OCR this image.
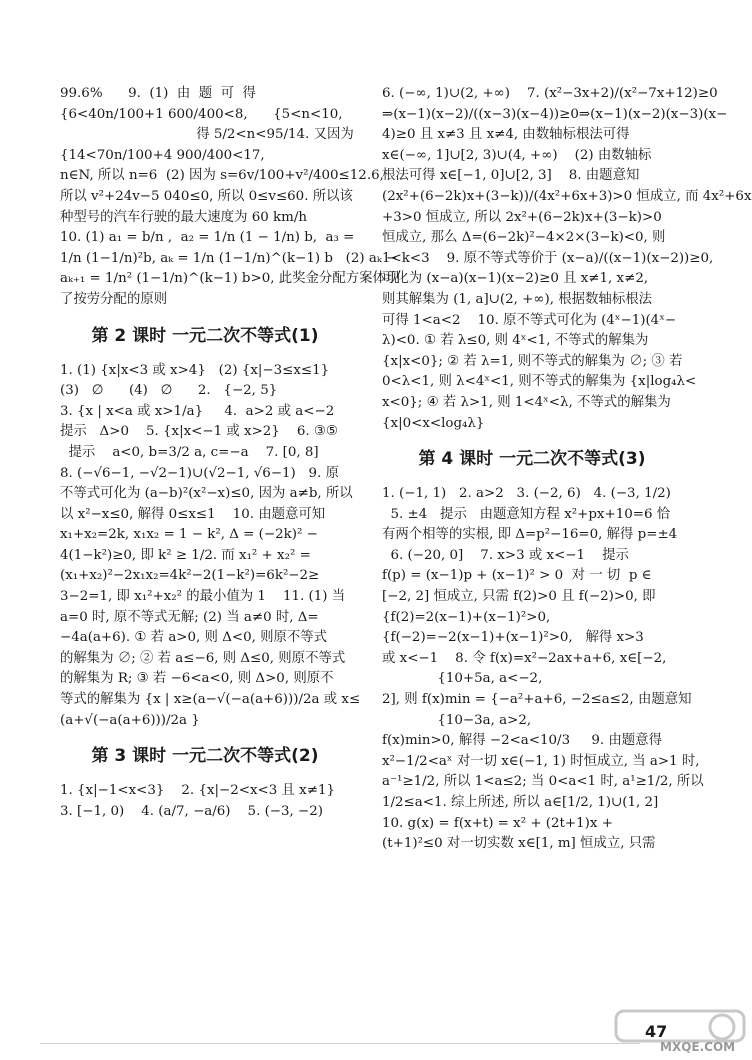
99.6%      9.  (1)  由  题  可  得
{6<40n/100+1 600/400<8,      {5<n<10,
得 5/2<n<95/14. 又因为
{14<70n/100+4 900/400<17,
n∈N, 所以 n=6  (2) 因为 s=6v/100+v²/400≤12.6,
所以 v²+24v−5 040≤0, 所以 0≤v≤60. 所以该
种型号的汽车行驶的最大速度为 60 km/h
10. (1) a₁ = b/n ,  a₂ = 1/n (1 − 1/n) b,  a₃ =
1/n (1−1/n)²b, aₖ = 1/n (1−1/n)^(k−1) b   (2) aₖ −
aₖ₊₁ = 1/n² (1−1/n)^(k−1) b>0, 此奖金分配方案体现
了按劳分配的原则
第 2 课时 一元二次不等式(1)
1. (1) {x|x<3 或 x>4}   (2) {x|−3≤x≤1}
(3)   ∅      (4)   ∅      2.   {−2, 5}
3. {x | x<a 或 x>1/a}     4.  a>2 或 a<−2
提示   Δ>0    5. {x|x<−1 或 x>2}    6. ③⑤
提示    a<0, b=3/2 a, c=−a    7. [0, 8]
8. (−√6−1, −√2−1)∪(√2−1, √6−1)   9. 原
不等式可化为 (a−b)²(x²−x)≤0, 因为 a≠b, 所以
以 x²−x≤0, 解得 0≤x≤1    10. 由题意可知
x₁+x₂=2k, x₁x₂ = 1 − k², Δ = (−2k)² −
4(1−k²)≥0, 即 k² ≥ 1/2. 而 x₁² + x₂² =
(x₁+x₂)²−2x₁x₂=4k²−2(1−k²)=6k²−2≥
3−2=1, 即 x₁²+x₂² 的最小值为 1    11. (1) 当
a=0 时, 原不等式无解; (2) 当 a≠0 时, Δ=
−4a(a+6). ① 若 a>0, 则 Δ<0, 则原不等式
的解集为 ∅; ② 若 a≤−6, 则 Δ≤0, 则原不等式
的解集为 R; ③ 若 −6<a<0, 则 Δ>0, 则原不
等式的解集为 {x | x≥(a−√(−a(a+6)))/2a 或 x≤
(a+√(−a(a+6)))/2a }
第 3 课时 一元二次不等式(2)
1. {x|−1<x<3}    2. {x|−2<x<3 且 x≠1}
3. [−1, 0)    4. (a/7, −a/6)    5. (−3, −2)
6. (−∞, 1)∪(2, +∞)    7. (x²−3x+2)/(x²−7x+12)≥0
⇒(x−1)(x−2)/((x−3)(x−4))≥0⇒(x−1)(x−2)(x−3)(x−
4)≥0 且 x≠3 且 x≠4, 由数轴标根法可得
x∈(−∞, 1]∪[2, 3)∪(4, +∞)    (2) 由数轴标
根法可得 x∈[−1, 0]∪[2, 3]    8. 由题意知
(2x²+(6−2k)x+(3−k))/(4x²+6x+3)>0 恒成立, 而 4x²+6x
+3>0 恒成立, 所以 2x²+(6−2k)x+(3−k)>0
恒成立, 那么 Δ=(6−2k)²−4×2×(3−k)<0, 则
1<k<3    9. 原不等式等价于 (x−a)/((x−1)(x−2))≥0,
可化为 (x−a)(x−1)(x−2)≥0 且 x≠1, x≠2,
则其解集为 (1, a]∪(2, +∞), 根据数轴标根法
可得 1<a<2    10. 原不等式可化为 (4ˣ−1)(4ˣ−
λ)<0. ① 若 λ≤0, 则 4ˣ<1, 不等式的解集为
{x|x<0}; ② 若 λ=1, 则不等式的解集为 ∅; ③ 若
0<λ<1, 则 λ<4ˣ<1, 则不等式的解集为 {x|log₄λ<
x<0}; ④ 若 λ>1, 则 1<4ˣ<λ, 不等式的解集为
{x|0<x<log₄λ}
第 4 课时 一元二次不等式(3)
1. (−1, 1)   2. a>2   3. (−2, 6)   4. (−3, 1/2)
5. ±4   提示   由题意知方程 x²+px+10=6 恰
有两个相等的实根, 即 Δ=p²−16=0, 解得 p=±4
6. (−20, 0]    7. x>3 或 x<−1    提示
f(p) = (x−1)p + (x−1)² > 0  对 一 切  p ∈
[−2, 2] 恒成立, 只需 f(2)>0 且 f(−2)>0, 即
{f(2)=2(x−1)+(x−1)²>0,
{f(−2)=−2(x−1)+(x−1)²>0,   解得 x>3
或 x<−1    8. 令 f(x)=x²−2ax+a+6, x∈[−2,
{10+5a, a<−2,
2], 则 f(x)min = {−a²+a+6, −2≤a≤2, 由题意知
{10−3a, a>2,
f(x)min>0, 解得 −2<a<10/3     9. 由题意得
x²−1/2<aˣ 对一切 x∈(−1, 1) 时恒成立, 当 a>1 时,
a⁻¹≥1/2, 所以 1<a≤2; 当 0<a<1 时, a¹≥1/2, 所以
1/2≤a<1. 综上所述, 所以 a∈[1/2, 1)∪(1, 2]
10. g(x) = f(x+t) = x² + (2t+1)x +
(t+1)²≤0 对一切实数 x∈[1, m] 恒成立, 只需
47
MXQE.COM
